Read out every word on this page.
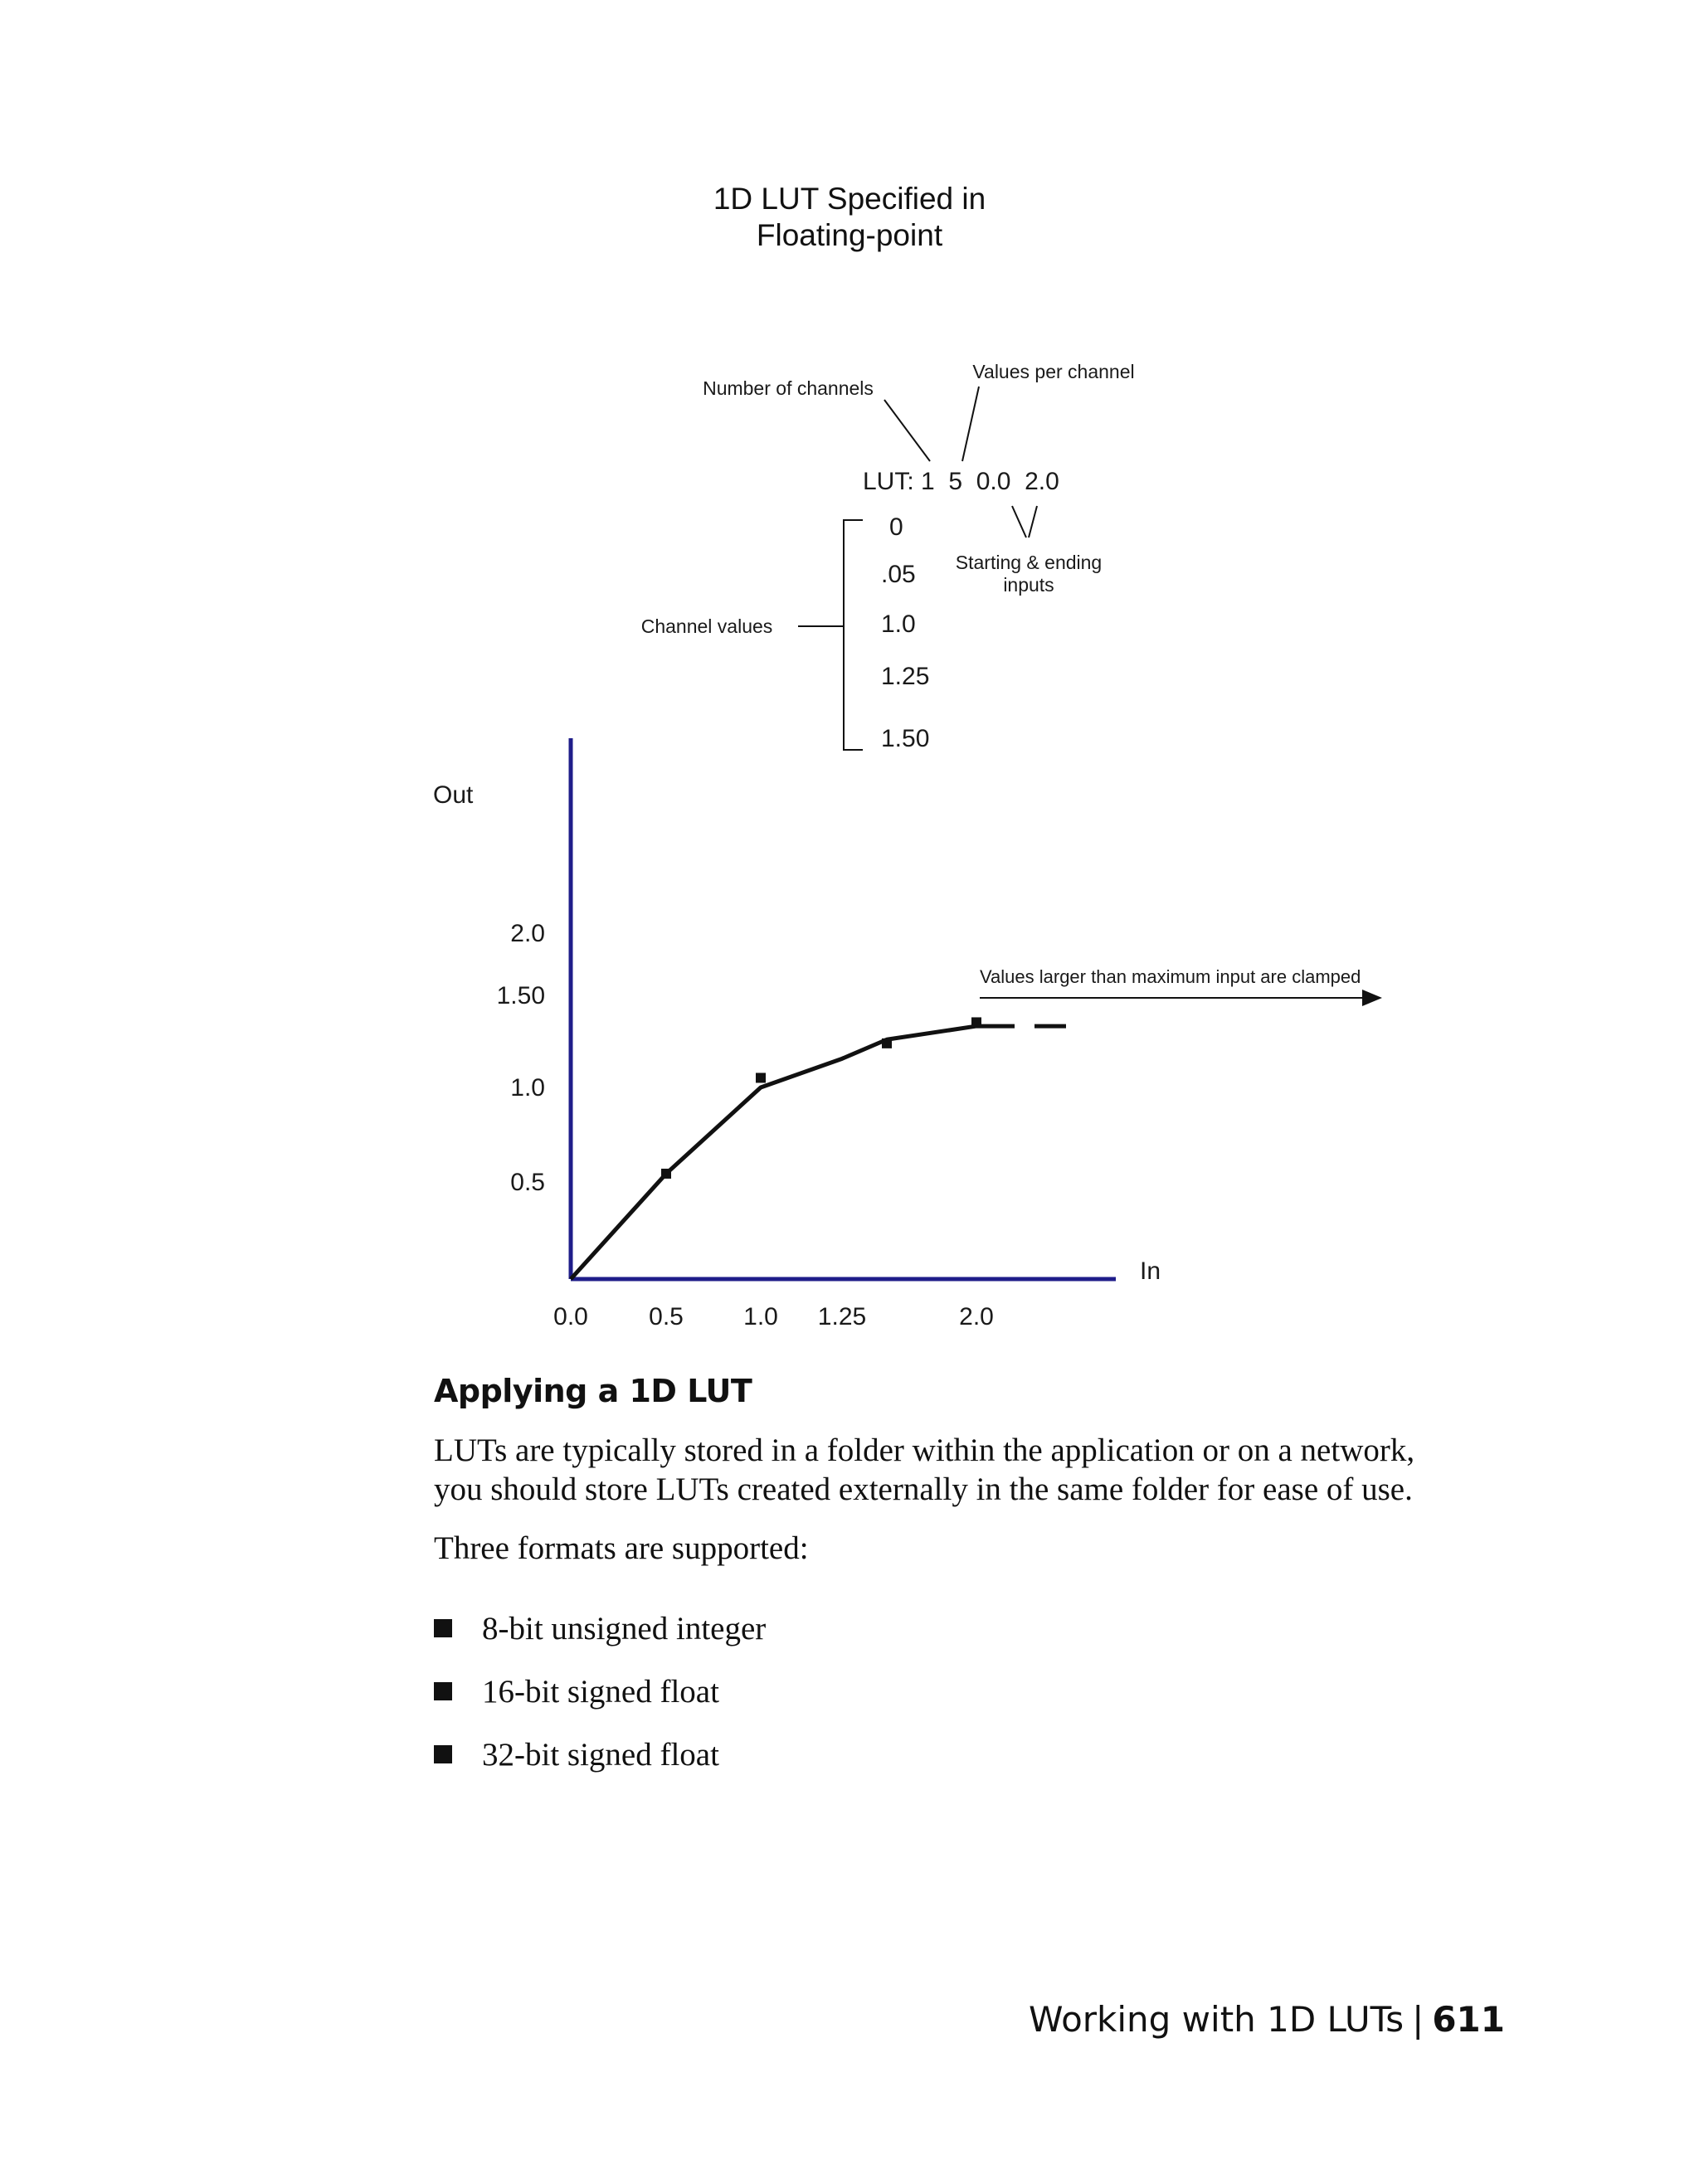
1D LUT Specified in
Floating-point
Number of channels
Values per channel
LUT: 1  5  0.0  2.0
Starting & ending
inputs
Channel values
0
.05
1.0
1.25
1.50
Out
In
Values larger than maximum input are clamped
0.0 0.5 1.0 1.25	2.0
2.0
1.50
1.0
0.5
Applying a 1D LUT

LUTs are typically stored in a folder within the application or on a network,
you should store LUTs created externally in the same folder for ease of use.

Three formats are supported:

8-bit unsigned integer
16-bit signed float
32-bit signed float
Working with 1D LUTs | 611
